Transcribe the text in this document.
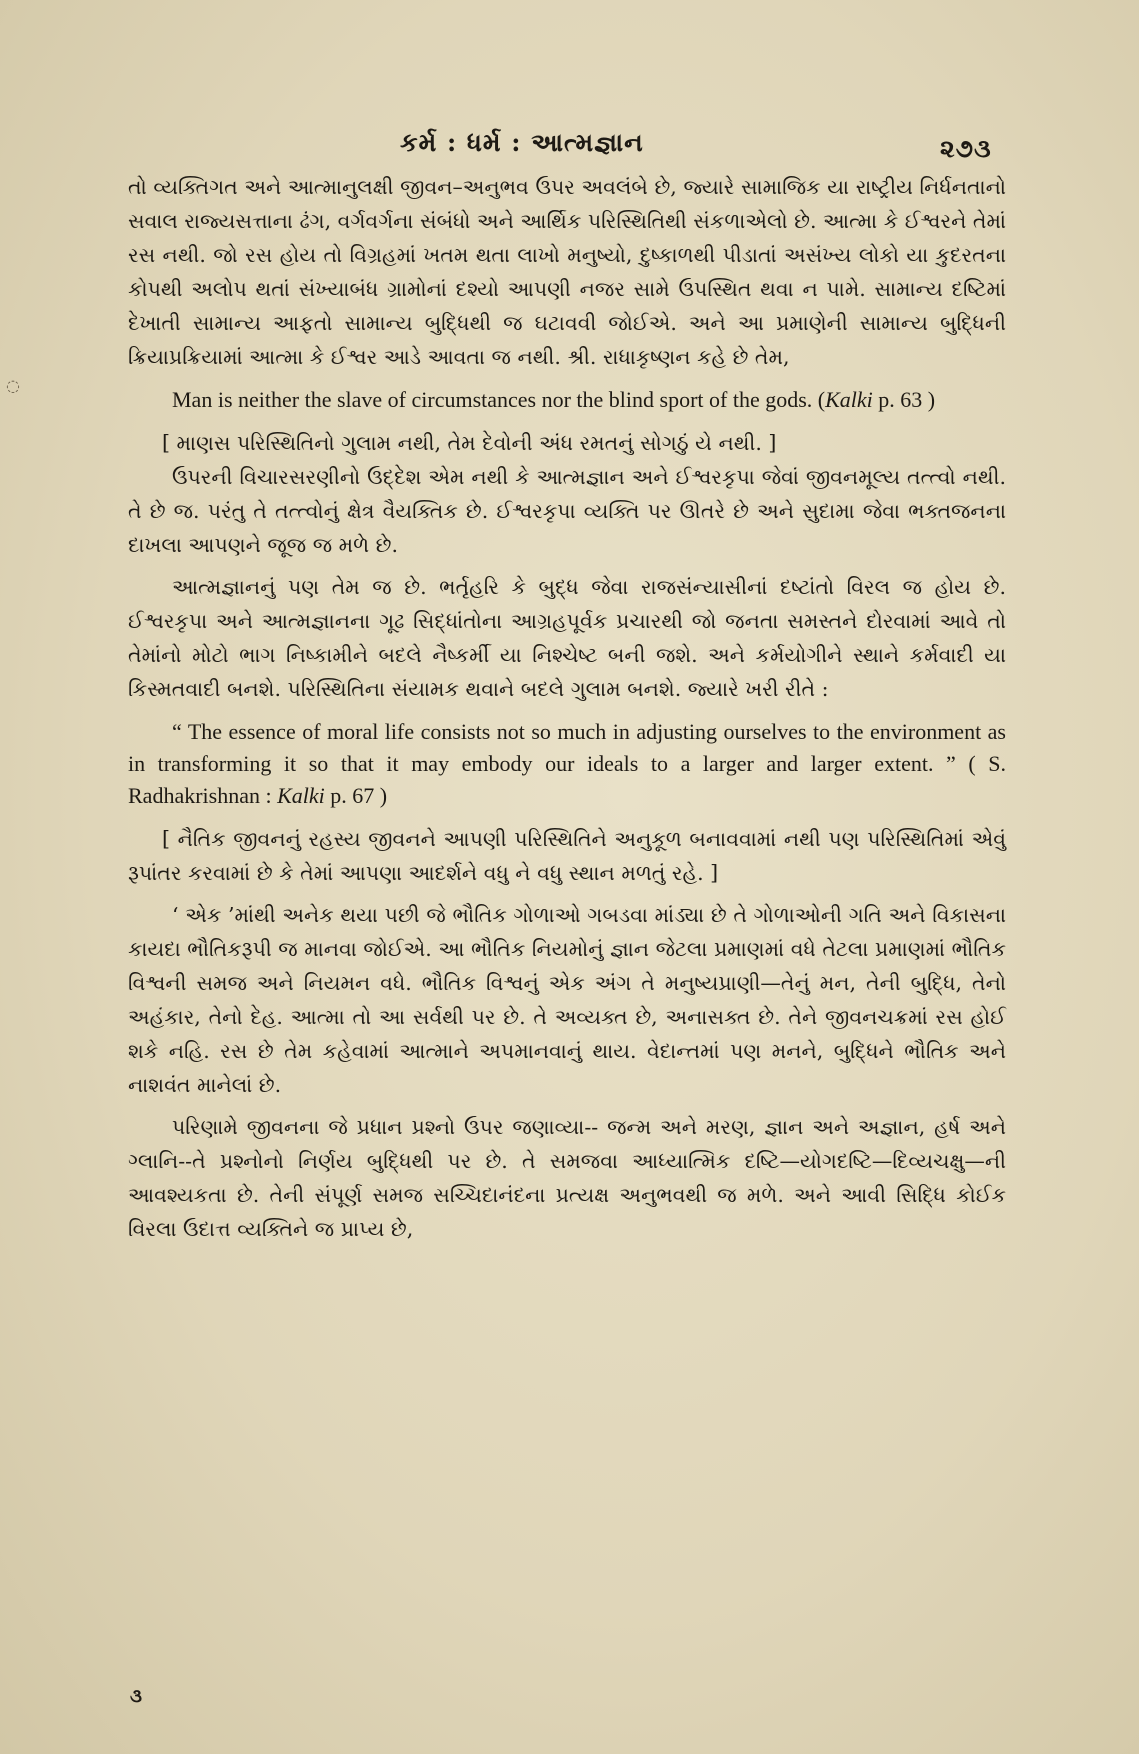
કર્મ : ધર્મ : આત્મજ્ઞાન	૨૭૩
◌

તો વ્યક્તિગત અને આત્માનુલક્ષી જીવન–અનુભવ ઉપર અવલંબે છે, જ્યારે સામાજિક યા રાષ્ટ્રીય નિર્ધનતાનો સવાલ રાજ્યસત્તાના ઢંગ, વર્ગવર્ગના સંબંધો અને આર્થિક પરિસ્થિતિથી સંકળાએલો છે. આત્મા કે ઈશ્વરને તેમાં રસ નથી. જો રસ હોય તો વિગ્રહમાં ખતમ થતા લાખો મનુષ્યો, દુષ્કાળથી પીડાતાં અસંખ્ય લોકો યા કુદરતના કોપથી અલોપ થતાં સંખ્યાબંધ ગ્રામોનાં દશ્યો આપણી નજર સામે ઉપસ્થિત થવા ન પામે. સામાન્ય દષ્ટિમાં દેખાતી સામાન્ય આફતો સામાન્ય બુદ્ધિથી જ ઘટાવવી જોઈએ. અને આ પ્રમાણેની સામાન્ય બુદ્ધિની ક્રિયાપ્રક્રિયામાં આત્મા કે ઈશ્વર આડે આવતા જ નથી. શ્રી. રાધાકૃષ્ણન કહે છે તેમ,

Man is neither the slave of circumstances nor the blind sport of the gods. (Kalki p. 63 )

[ માણસ પરિસ્થિતિનો ગુલામ નથી, તેમ દેવોની અંધ રમતનું સોગઠું યે નથી. ]

ઉપરની વિચારસરણીનો ઉદ્દેશ એમ નથી કે આત્મજ્ઞાન અને ઈશ્વરકૃપા જેવાં જીવનમૂલ્ય તત્ત્વો નથી. તે છે જ. પરંતુ તે તત્ત્વોનું ક્ષેત્ર વૈયક્તિક છે. ઈશ્વરકૃપા વ્યક્તિ પર ઊતરે છે અને સુદામા જેવા ભક્તજનના દાખલા આપણને જૂજ જ મળે છે.

આત્મજ્ઞાનનું પણ તેમ જ છે. ભર્તૃહરિ કે બુદ્ધ જેવા રાજસંન્યાસીનાં દષ્ટાંતો વિરલ જ હોય છે. ઈશ્વરકૃપા અને આત્મજ્ઞાનના ગૂઢ સિદ્ધાંતોના આગ્રહપૂર્વક પ્રચારથી જો જનતા સમસ્તને દોરવામાં આવે તો તેમાંનો મોટો ભાગ નિષ્કામીને બદલે નૈષ્કર્મી યા નિશ્ચેષ્ટ બની જશે. અને કર્મયોગીને સ્થાને કર્મવાદી યા કિસ્મતવાદી બનશે. પરિસ્થિતિના સંયામક થવાને બદલે ગુલામ બનશે. જ્યારે ખરી રીતે :

“ The essence of moral life consists not so much in adjusting ourselves to the environment as in transforming it so that it may embody our ideals to a larger and larger extent. ” ( S. Radhakrishnan : Kalki p. 67 )

[ નૈતિક જીવનનું રહસ્ય જીવનને આપણી પરિસ્થિતિને અનુકૂળ બનાવવામાં નથી પણ પરિસ્થિતિમાં એવું રૂપાંતર કરવામાં છે કે તેમાં આપણા આદર્શને વધુ ને વધુ સ્થાન મળતું રહે. ]

‘ એક ’માંથી અનેક થયા પછી જે ભૌતિક ગોળાઓ ગબડવા માંડ્યા છે તે ગોળાઓની ગતિ અને વિકાસના કાયદા ભૌતિકરૂપી જ માનવા જોઈએ. આ ભૌતિક નિયમોનું જ્ઞાન જેટલા પ્રમાણમાં વધે તેટલા પ્રમાણમાં ભૌતિક વિશ્વની સમજ અને નિયમન વધે. ભૌતિક વિશ્વનું એક અંગ તે મનુષ્યપ્રાણી—તેનું મન, તેની બુદ્ધિ, તેનો અહંકાર, તેનો દેહ. આત્મા તો આ સર્વથી પર છે. તે અવ્યક્ત છે, અનાસક્ત છે. તેને જીવનચક્રમાં રસ હોઈ શકે નહિ. રસ છે તેમ કહેવામાં આત્માને અપમાનવાનું થાય. વેદાન્તમાં પણ મનને, બુદ્ધિને ભૌતિક અને નાશવંત માનેલાં છે.

પરિણામે જીવનના જે પ્રધાન પ્રશ્નો ઉપર જણાવ્યા-- જન્મ અને મરણ, જ્ઞાન અને અજ્ઞાન, હર્ષ અને ગ્લાનિ--તે પ્રશ્નોનો નિર્ણય બુદ્ધિથી પર છે. તે સમજવા આધ્યાત્મિક દષ્ટિ—યોગદષ્ટિ—દિવ્યચક્ષુ—ની આવશ્યકતા છે. તેની સંપૂર્ણ સમજ સચ્ચિદાનંદના પ્રત્યક્ષ અનુભવથી જ મળે. અને આવી સિદ્ધિ કોઈક વિરલા ઉદાત્ત વ્યક્તિને જ પ્રાપ્ય છે,

૩
